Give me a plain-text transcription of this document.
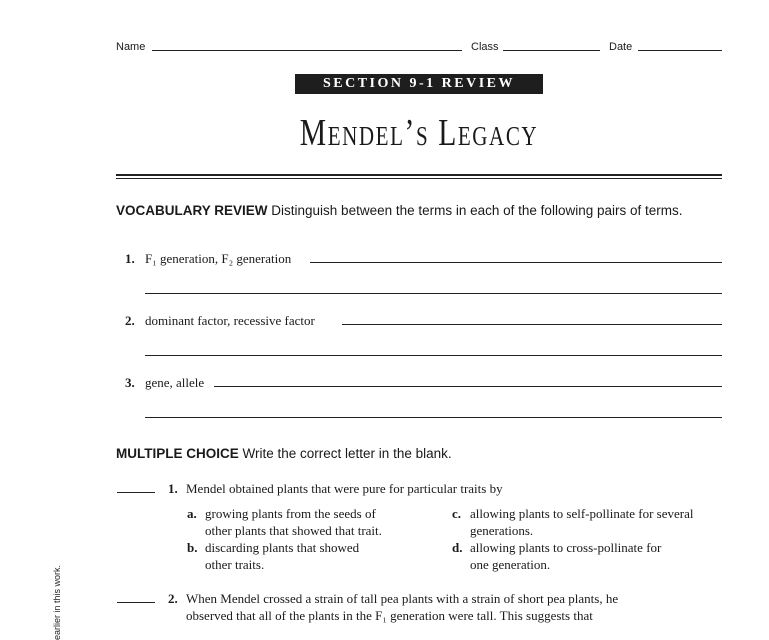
Name	Class	Date
SECTION 9-1 REVIEW
Mendel’s Legacy
VOCABULARY REVIEW Distinguish between the terms in each of the following pairs of terms.
1. F₁ generation, F₂ generation
2. dominant factor, recessive factor
3. gene, allele
MULTIPLE CHOICE Write the correct letter in the blank.
1. Mendel obtained plants that were pure for particular traits by
a. growing plants from the seeds of
other plants that showed that trait.
b. discarding plants that showed
other traits.
c. allowing plants to self-pollinate for several
generations.
d. allowing plants to cross-pollinate for
one generation.
2. When Mendel crossed a strain of tall pea plants with a strain of short pea plants, he
observed that all of the plants in the F₁ generation were tall. This suggests that
earlier in this work.
